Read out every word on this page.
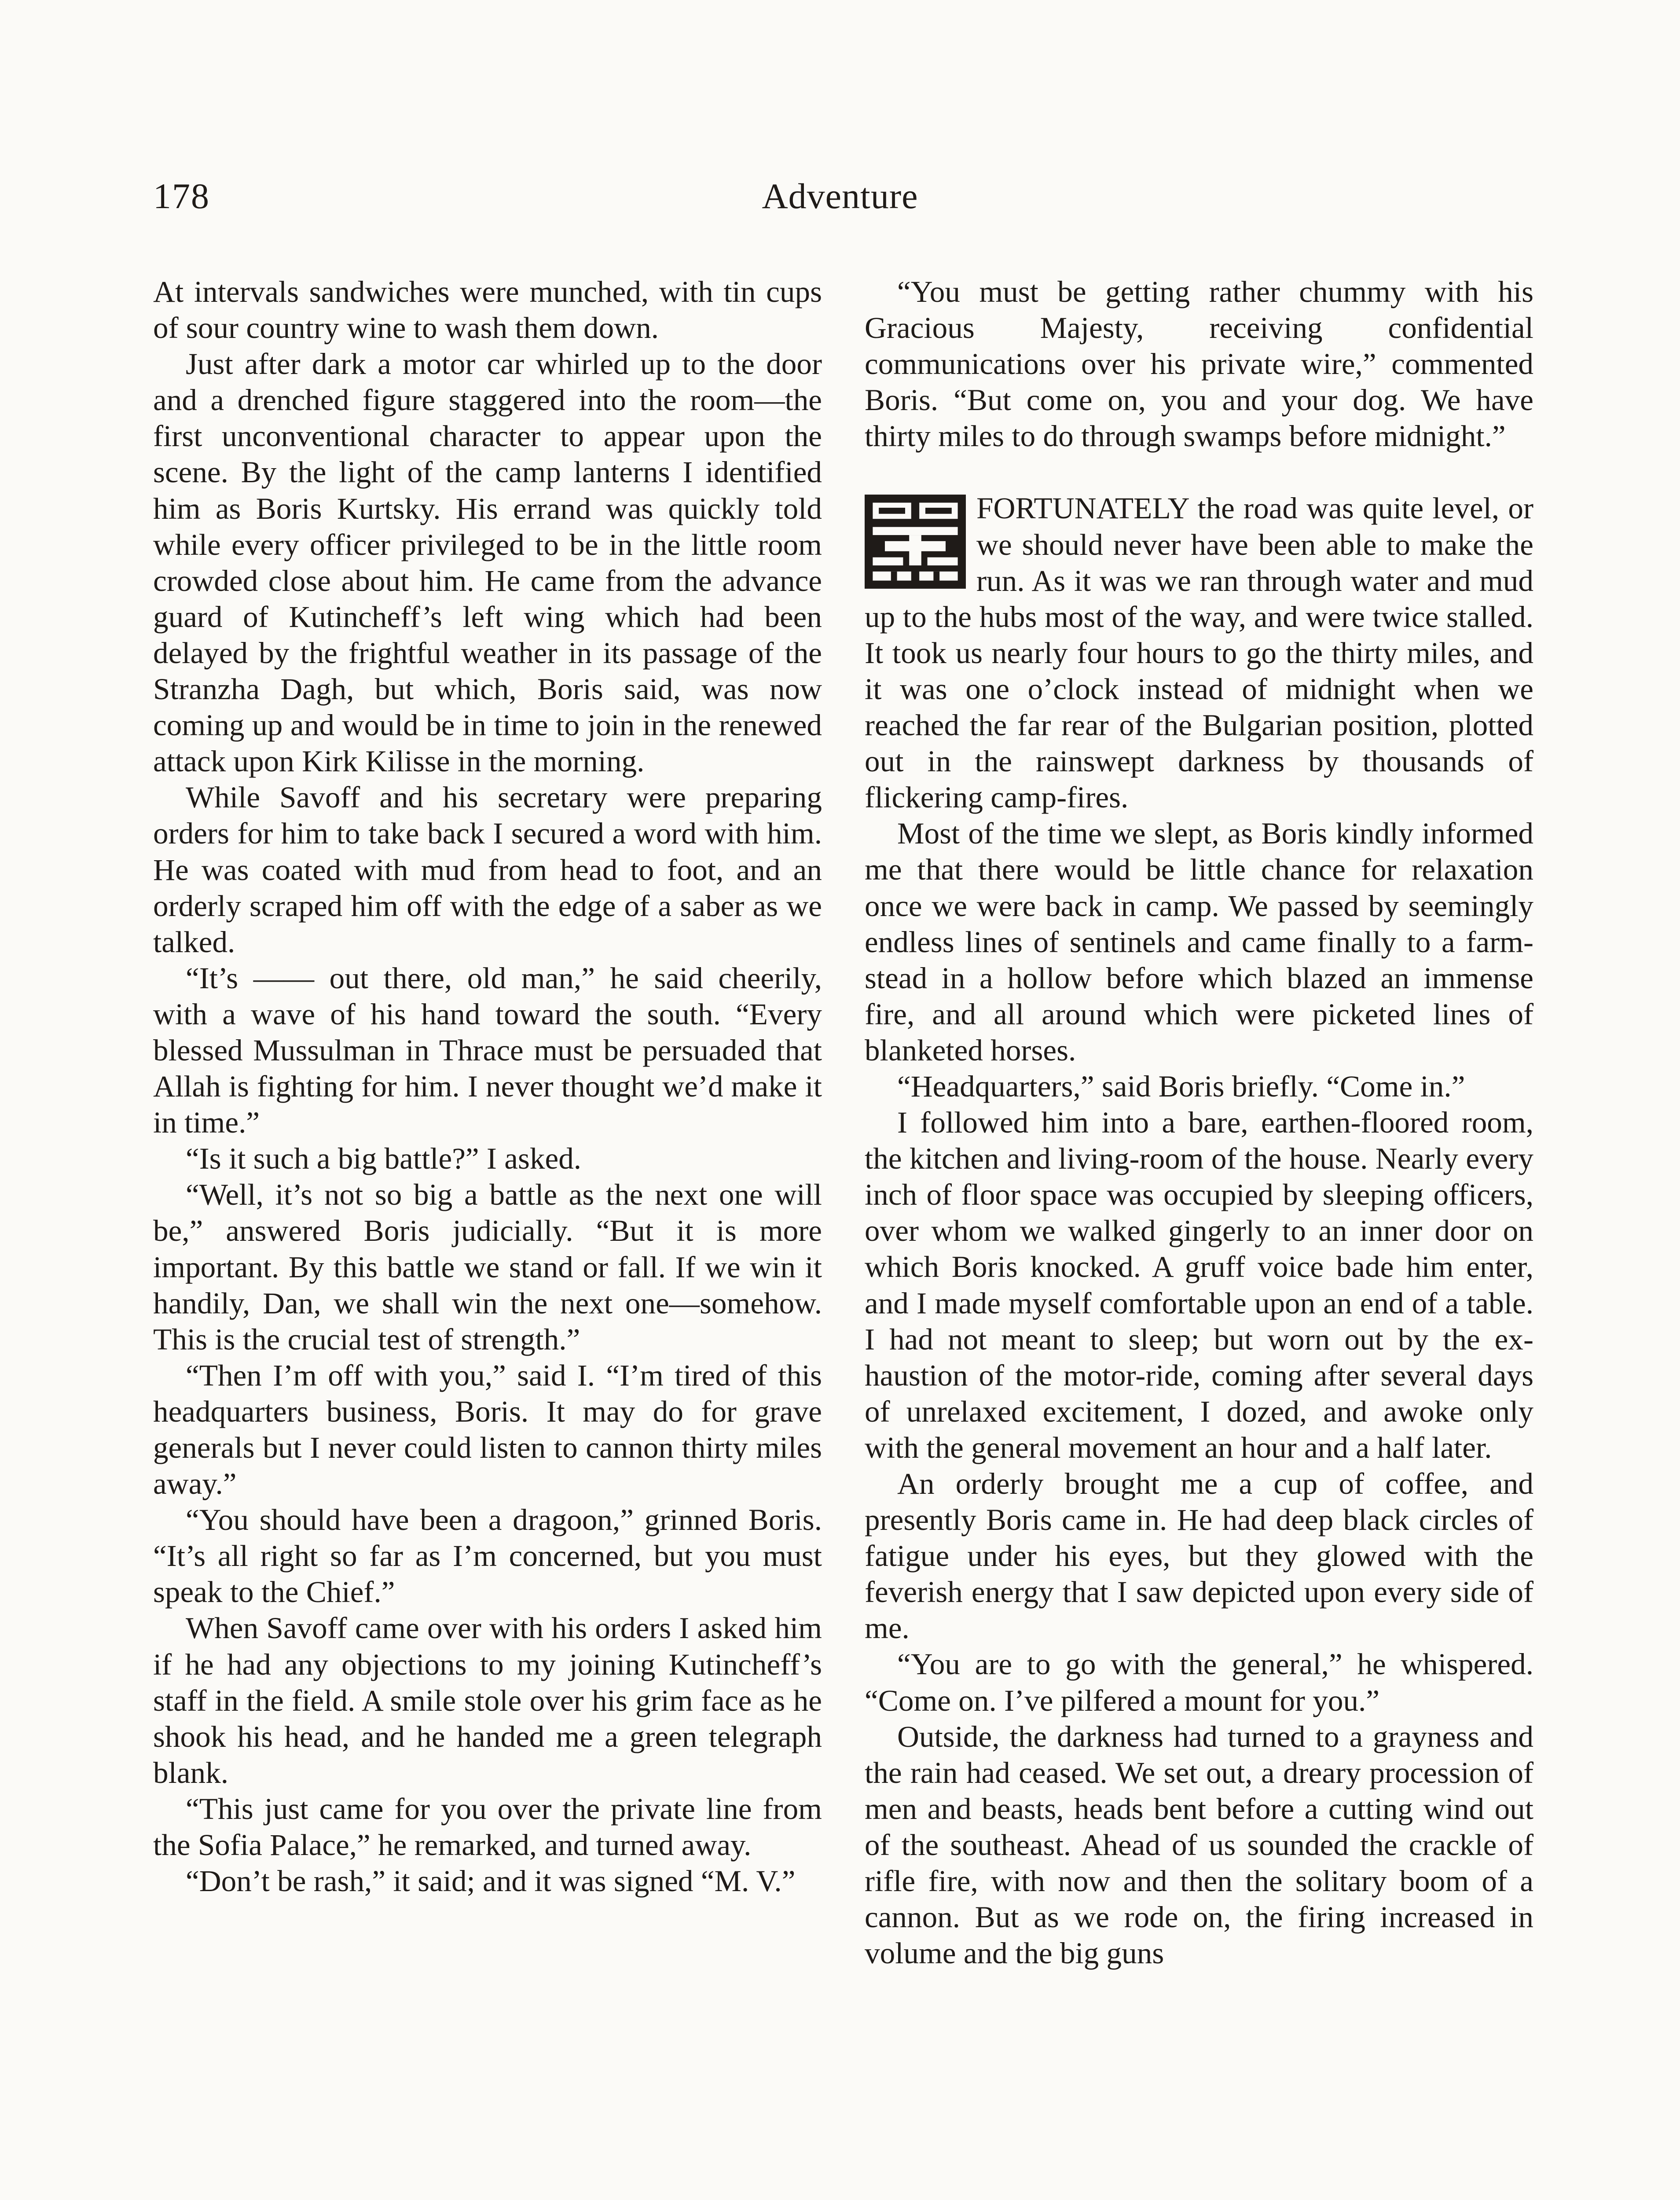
178	Adventure

At intervals sandwiches were munched, with tin cups of sour country wine to wash them down.

Just after dark a motor car whirled up to the door and a drenched figure staggered into the room—the first unconventional character to appear upon the scene. By the light of the camp lanterns I identified him as Boris Kurtsky. His errand was quickly told while every officer privileged to be in the little room crowded close about him. He came from the advance guard of Kutincheff’s left wing which had been delayed by the frightful weather in its passage of the Stranzha Dagh, but which, Boris said, was now coming up and would be in time to join in the renewed attack upon Kirk Kilisse in the morning.

While Savoff and his secretary were preparing orders for him to take back I secured a word with him. He was coated with mud from head to foot, and an orderly scraped him off with the edge of a saber as we talked.

“It’s —— out there, old man,” he said cheerily, with a wave of his hand toward the south. “Every blessed Mussulman in Thrace must be persuaded that Allah is fighting for him. I never thought we’d make it in time.”

“Is it such a big battle?” I asked.

“Well, it’s not so big a battle as the next one will be,” answered Boris judicially. “But it is more important. By this battle we stand or fall. If we win it handily, Dan, we shall win the next one—somehow. This is the crucial test of strength.”

“Then I’m off with you,” said I. “I’m tired of this headquarters business, Boris. It may do for grave generals but I never could listen to cannon thirty miles away.”

“You should have been a dragoon,” grinned Boris. “It’s all right so far as I’m concerned, but you must speak to the Chief.”

When Savoff came over with his orders I asked him if he had any objections to my joining Kutincheff’s staff in the field. A smile stole over his grim face as he shook his head, and he handed me a green telegraph blank.

“This just came for you over the private line from the Sofia Palace,” he remarked, and turned away.

“Don’t be rash,” it said; and it was signed “M. V.”

“You must be getting rather chummy with his Gracious Majesty, receiving confidential communications over his private wire,” commented Boris. “But come on, you and your dog. We have thirty miles to do through swamps before midnight.”

FORTUNATELY the road was quite level, or we should never have been able to make the run. As it was we ran through water and mud up to the hubs most of the way, and were twice stalled. It took us nearly four hours to go the thirty miles, and it was one o’clock instead of midnight when we reached the far rear of the Bulgarian position, plotted out in the rainswept darkness by thousands of flickering camp-fires.

Most of the time we slept, as Boris kindly informed me that there would be little chance for relaxation once we were back in camp. We passed by seemingly endless lines of sentinels and came finally to a farmstead in a hollow before which blazed an immense fire, and all around which were picketed lines of blanketed horses.

“Headquarters,” said Boris briefly. “Come in.”

I followed him into a bare, earthen-floored room, the kitchen and living-room of the house. Nearly every inch of floor space was occupied by sleeping officers, over whom we walked gingerly to an inner door on which Boris knocked. A gruff voice bade him enter, and I made myself comfortable upon an end of a table. I had not meant to sleep; but worn out by the exhaustion of the motor-ride, coming after several days of unrelaxed excitement, I dozed, and awoke only with the general movement an hour and a half later.

An orderly brought me a cup of coffee, and presently Boris came in. He had deep black circles of fatigue under his eyes, but they glowed with the feverish energy that I saw depicted upon every side of me.

“You are to go with the general,” he whispered. “Come on. I’ve pilfered a mount for you.”

Outside, the darkness had turned to a grayness and the rain had ceased. We set out, a dreary procession of men and beasts, heads bent before a cutting wind out of the southeast. Ahead of us sounded the crackle of rifle fire, with now and then the solitary boom of a cannon. But as we rode on, the firing increased in volume and the big guns
